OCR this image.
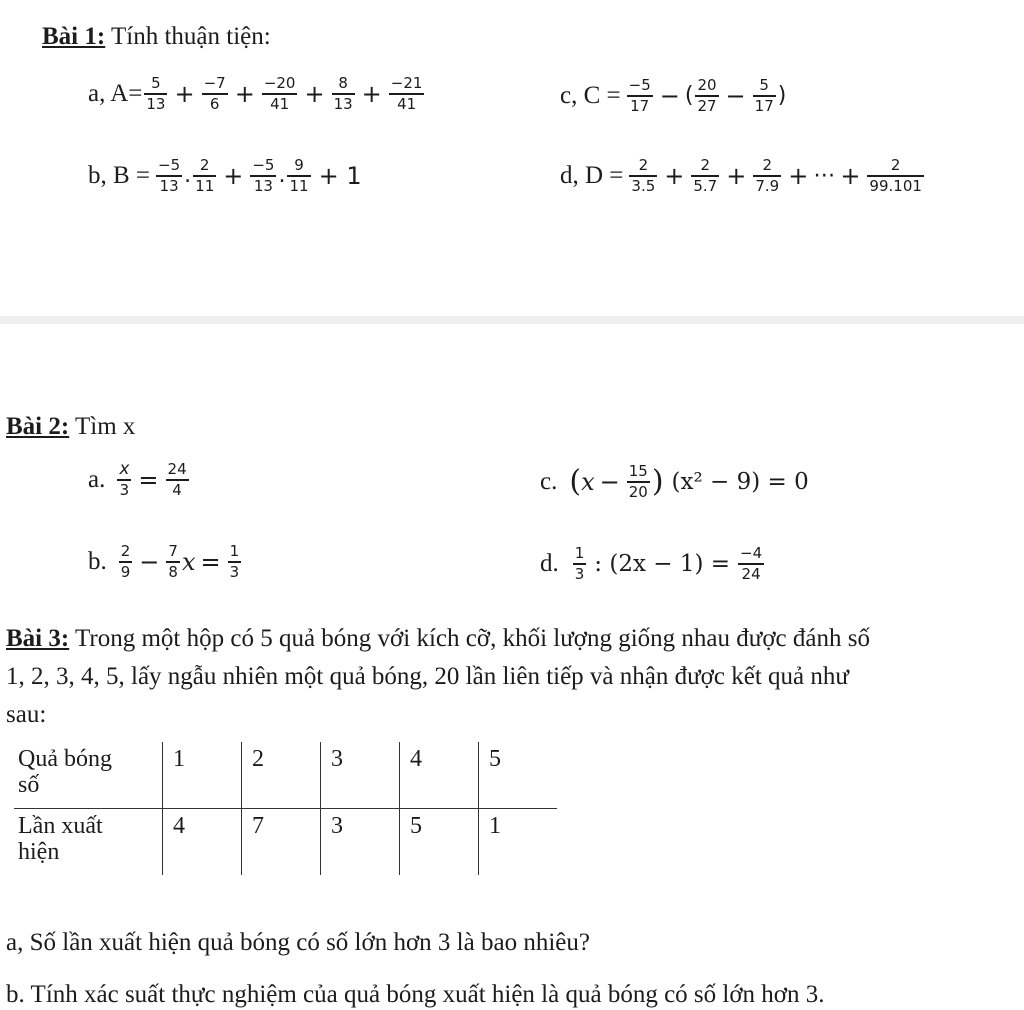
Bài 1: Tính thuận tiện:
a, $A= \frac{5}{13} + \frac{-7}{6} + \frac{-20}{41} + \frac{8}{13} + \frac{-21}{41}$	c, $C = \frac{-5}{17}$ − ( $\frac{20}{27} - \frac{5}{17}$ )
b, $B = \frac{-5}{13}$ . $\frac{2}{11} + \frac{-5}{13}$ . $\frac{9}{11} + 1$	d, $D = \frac{2}{3.5} + \frac{2}{5.7} + \frac{2}{7.9}$ + ⋯ + $\frac{2}{99.101}$
Bài 2: Tìm x
a. $\frac{x}{3} = \frac{24}{4}$	c. ( $x - \frac{15}{20}$ ) (x² − 9) = 0
b. $\frac{2}{9} - \frac{7}{8}$ $x = \frac{1}{3}$	d. $\frac{1}{3}$ : $(2x - 1) = \frac{-4}{24}$
Bài 3: Trong một hộp có 5 quả bóng với kích cỡ, khối lượng giống nhau được đánh số
1, 2, 3, 4, 5, lấy ngẫu nhiên một quả bóng, 20 lần liên tiếp và nhận được kết quả như
sau:
Quả bóng
số	1	2	3	4	5
Lần xuất
hiện	4	7	3	5	1
a, Số lần xuất hiện quả bóng có số lớn hơn 3 là bao nhiêu?
b. Tính xác suất thực nghiệm của quả bóng xuất hiện là quả bóng có số lớn hơn 3.
